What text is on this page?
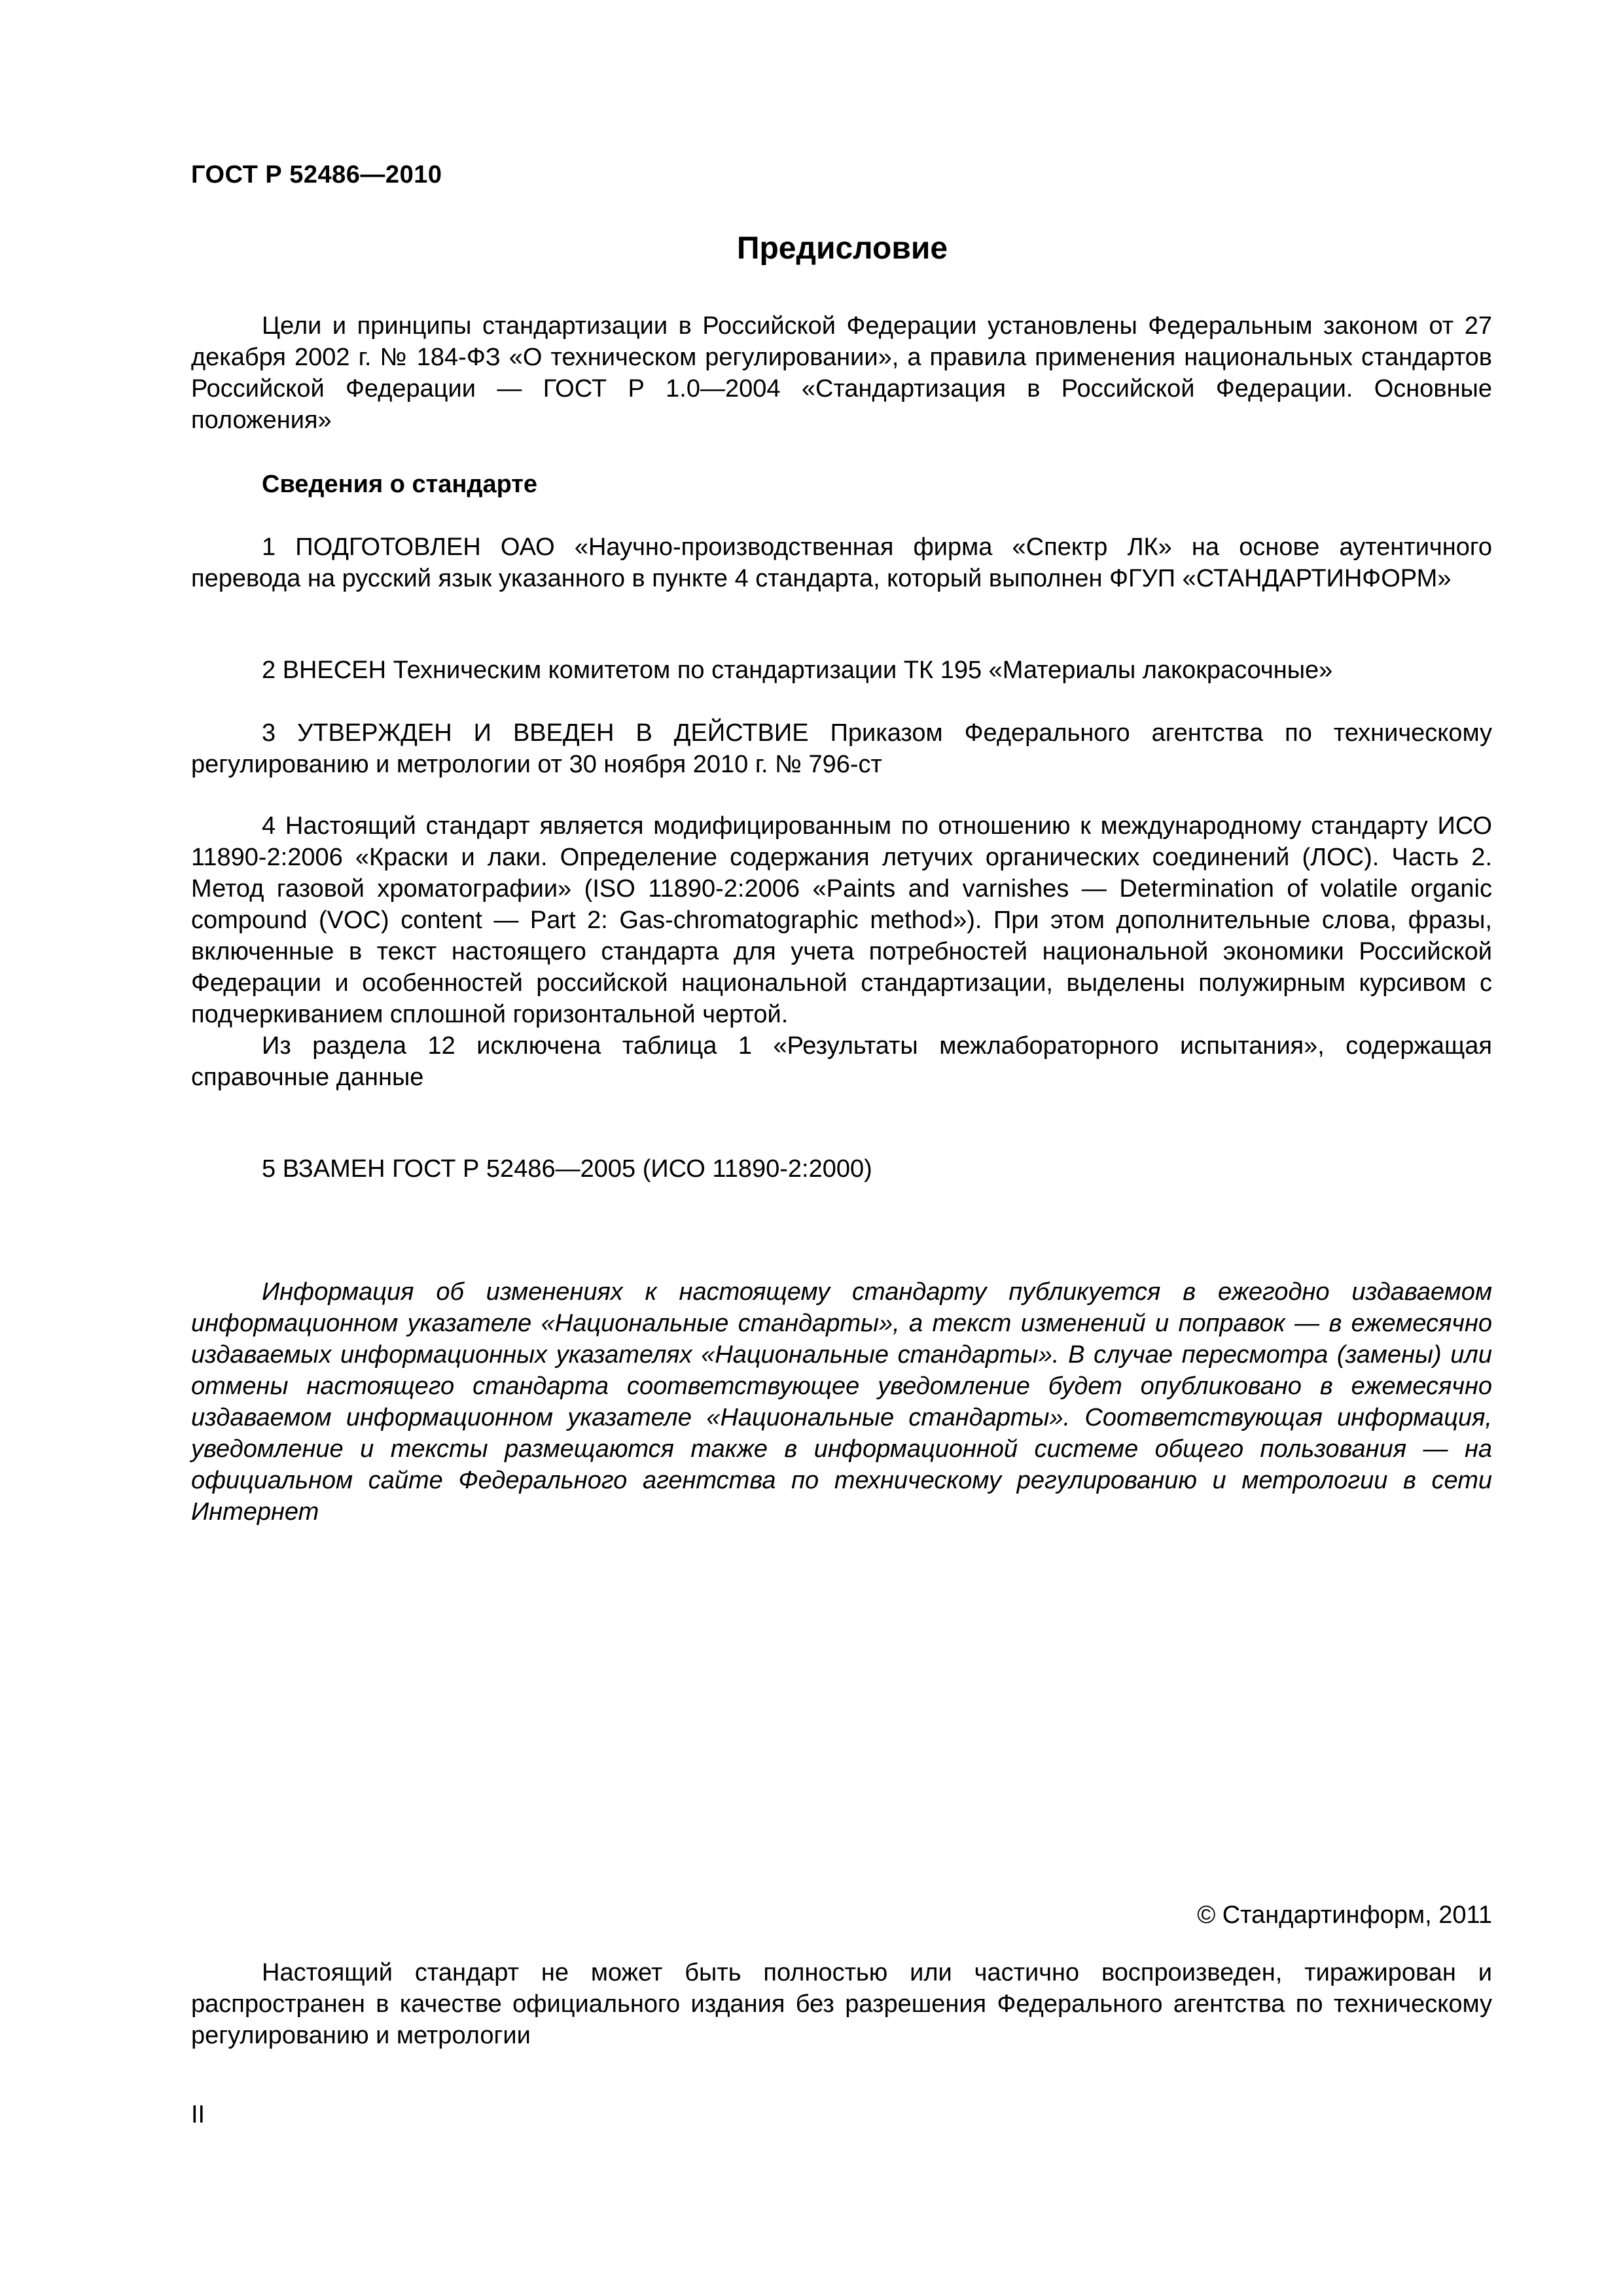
ГОСТ Р 52486—2010
Предисловие

Цели и принципы стандартизации в Российской Федерации установлены Федеральным законом от 27 декабря 2002 г. № 184-ФЗ «О техническом регулировании», а правила применения национальных стандартов Российской Федерации — ГОСТ Р 1.0—2004 «Стандартизация в Российской Федерации. Основные положения»

Сведения о стандарте

1 ПОДГОТОВЛЕН ОАО «Научно-производственная фирма «Спектр ЛК» на основе аутентичного перевода на русский язык указанного в пункте 4 стандарта, который выполнен ФГУП «СТАНДАРТИНФОРМ»

2 ВНЕСЕН Техническим комитетом по стандартизации ТК 195 «Материалы лакокрасочные»

3 УТВЕРЖДЕН И ВВЕДЕН В ДЕЙСТВИЕ Приказом Федерального агентства по техническому регулированию и метрологии от 30 ноября 2010 г. № 796-ст

4 Настоящий стандарт является модифицированным по отношению к международному стандарту ИСО 11890-2:2006 «Краски и лаки. Определение содержания летучих органических соединений (ЛОС). Часть 2. Метод газовой хроматографии» (ISO 11890-2:2006 «Paints and varnishes — Determination of volatile organic compound (VOC) content — Part 2: Gas-chromatographic method»). При этом дополнительные слова, фразы, включенные в текст настоящего стандарта для учета потребностей национальной экономики Российской Федерации и особенностей российской национальной стандартизации, выделены полужирным курсивом с подчеркиванием сплошной горизонтальной чертой.

Из раздела 12 исключена таблица 1 «Результаты межлабораторного испытания», содержащая справочные данные

5 ВЗАМЕН ГОСТ Р 52486—2005 (ИСО 11890-2:2000)

Информация об изменениях к настоящему стандарту публикуется в ежегодно издаваемом информационном указателе «Национальные стандарты», а текст изменений и поправок — в ежемесячно издаваемых информационных указателях «Национальные стандарты». В случае пересмотра (замены) или отмены настоящего стандарта соответствующее уведомление будет опубликовано в ежемесячно издаваемом информационном указателе «Национальные стандарты». Соответствующая информация, уведомление и тексты размещаются также в информационной системе общего пользования — на официальном сайте Федерального агентства по техническому регулированию и метрологии в сети Интернет

© Стандартинформ, 2011

Настоящий стандарт не может быть полностью или частично воспроизведен, тиражирован и распространен в качестве официального издания без разрешения Федерального агентства по техническому регулированию и метрологии

II
